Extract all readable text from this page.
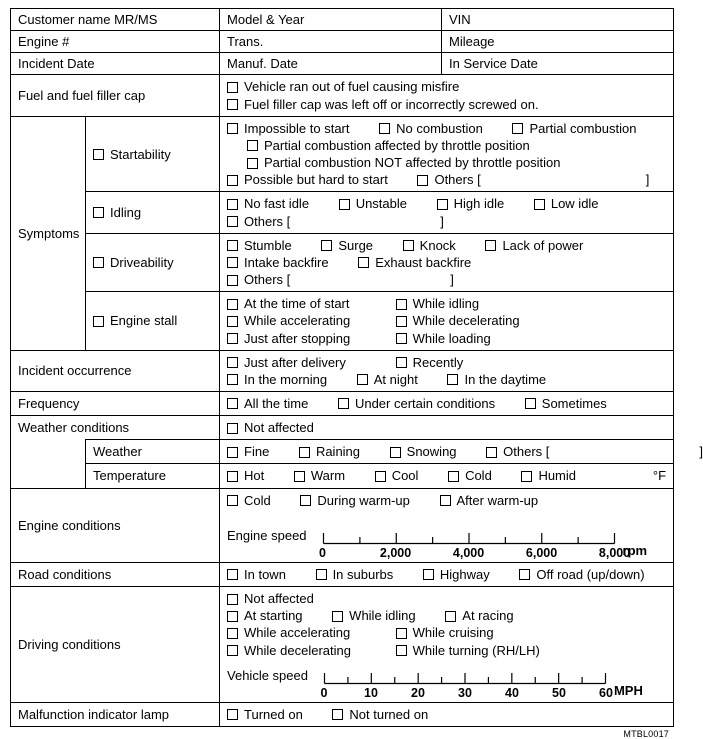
Customer name MR/MS		Model & Year	VIN
Engine #		Trans.	Mileage
Incident Date		Manuf. Date	In Service Date
Fuel and fuel filler cap		Vehicle ran out of fuel causing misfire
Fuel filler cap was left off or incorrectly screwed on.	

Symptoms	Startability	Impossible to start No combustion Partial combustion
Partial combustion affected by throttle position
Partial combustion NOT affected by throttle position
Possible but hard to start Others [ ]	

	Idling	No fast idle Unstable High idle Low idle
Others [ ]	

	Driveability	Stumble Surge Knock Lack of power
Intake backfire Exhaust backfire
Others [ ]	

	Engine stall	At the time of start While idling
While accelerating While decelerating
Just after stopping While loading	

Incident occurrence		Just after delivery Recently
In the morning At night In the daytime	

Frequency		All the time Under certain conditions Sometimes	

Weather conditions		Not affected	

	Weather	Fine Raining Snowing Others [ ]	

	Temperature	Hot Warm Cool Cold Humid °F	

Engine conditions	
Cold	During warm-up	After warm-up
Engine speed
0	2,000	4,000	6,000	8,000
rpm

Road conditions		In town In suburbs Highway Off road (up/down)	

Driving conditions	
Not affected
At starting	While idling	At racing
While accelerating	While cruising
While decelerating	While turning (RH/LH)
Vehicle speed
0	10	20	30	40	50	60 MPH

Malfunction indicator lamp		Turned on Not turned on	
MTBL0017
